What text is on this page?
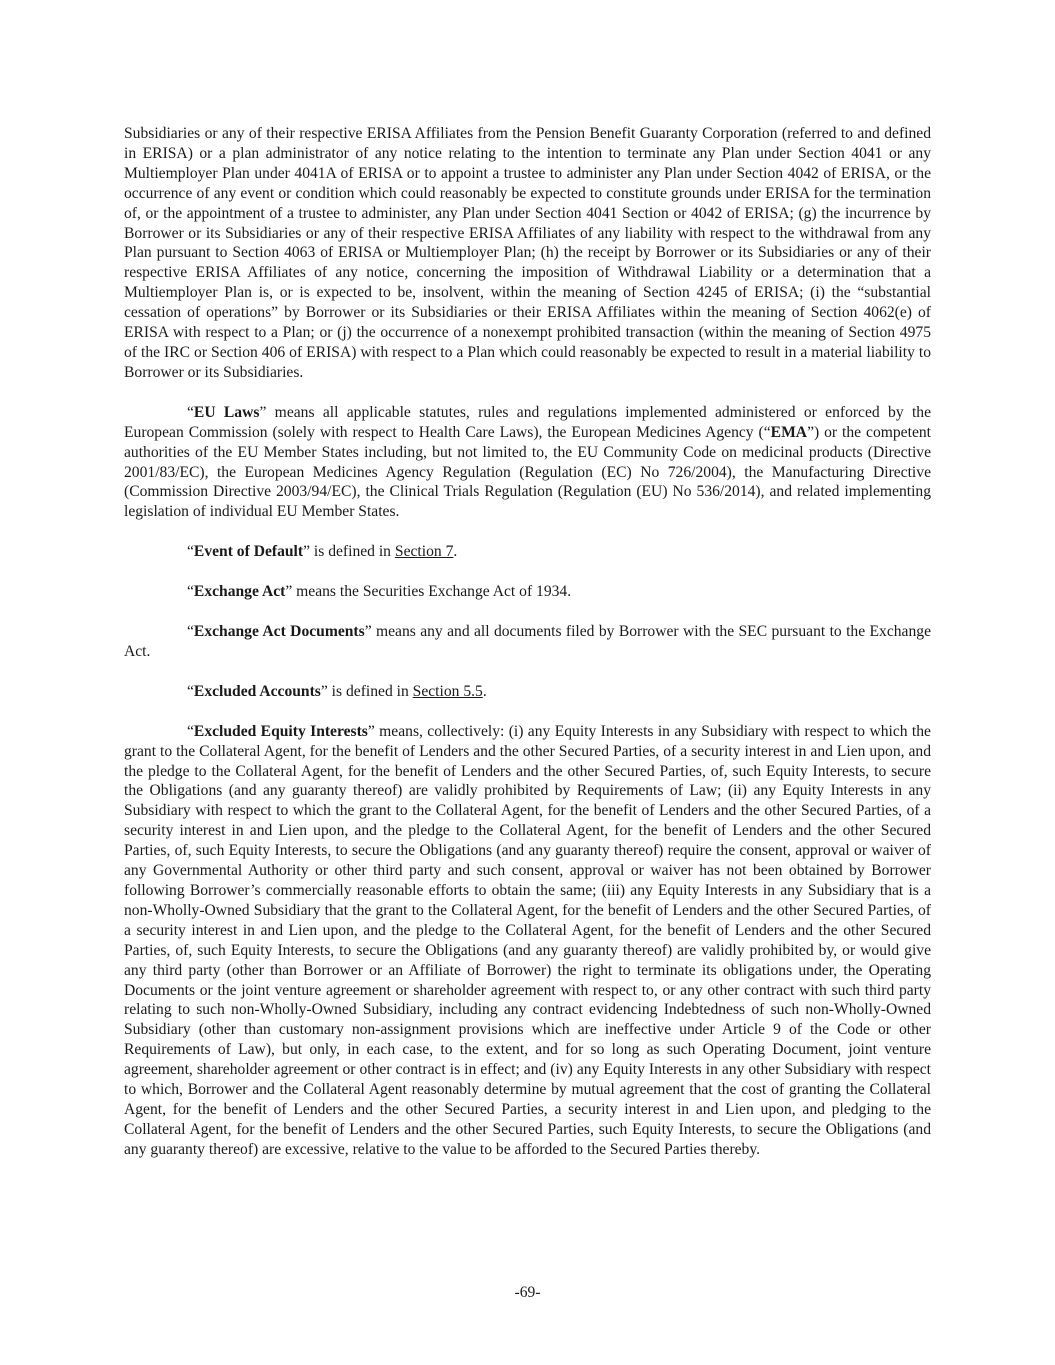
Subsidiaries or any of their respective ERISA Affiliates from the Pension Benefit Guaranty Corporation (referred to and defined in ERISA) or a plan administrator of any notice relating to the intention to terminate any Plan under Section 4041 or any Multiemployer Plan under 4041A of ERISA or to appoint a trustee to administer any Plan under Section 4042 of ERISA, or the occurrence of any event or condition which could reasonably be expected to constitute grounds under ERISA for the termination of, or the appointment of a trustee to administer, any Plan under Section 4041 Section or 4042 of ERISA; (g) the incurrence by Borrower or its Subsidiaries or any of their respective ERISA Affiliates of any liability with respect to the withdrawal from any Plan pursuant to Section 4063 of ERISA or Multiemployer Plan; (h) the receipt by Borrower or its Subsidiaries or any of their respective ERISA Affiliates of any notice, concerning the imposition of Withdrawal Liability or a determination that a Multiemployer Plan is, or is expected to be, insolvent, within the meaning of Section 4245 of ERISA; (i) the “substantial cessation of operations” by Borrower or its Subsidiaries or their ERISA Affiliates within the meaning of Section 4062(e) of ERISA with respect to a Plan; or (j) the occurrence of a nonexempt prohibited transaction (within the meaning of Section 4975 of the IRC or Section 406 of ERISA) with respect to a Plan which could reasonably be expected to result in a material liability to Borrower or its Subsidiaries.

“EU Laws” means all applicable statutes, rules and regulations implemented administered or enforced by the European Commission (solely with respect to Health Care Laws), the European Medicines Agency (“EMA”) or the competent authorities of the EU Member States including, but not limited to, the EU Community Code on medicinal products (Directive 2001/83/EC), the European Medicines Agency Regulation (Regulation (EC) No 726/2004), the Manufacturing Directive (Commission Directive 2003/94/EC), the Clinical Trials Regulation (Regulation (EU) No 536/2014), and related implementing legislation of individual EU Member States.

“Event of Default” is defined in Section 7.

“Exchange Act” means the Securities Exchange Act of 1934.

“Exchange Act Documents” means any and all documents filed by Borrower with the SEC pursuant to the Exchange Act.

“Excluded Accounts” is defined in Section 5.5.

“Excluded Equity Interests” means, collectively: (i) any Equity Interests in any Subsidiary with respect to which the grant to the Collateral Agent, for the benefit of Lenders and the other Secured Parties, of a security interest in and Lien upon, and the pledge to the Collateral Agent, for the benefit of Lenders and the other Secured Parties, of, such Equity Interests, to secure the Obligations (and any guaranty thereof) are validly prohibited by Requirements of Law; (ii) any Equity Interests in any Subsidiary with respect to which the grant to the Collateral Agent, for the benefit of Lenders and the other Secured Parties, of a security interest in and Lien upon, and the pledge to the Collateral Agent, for the benefit of Lenders and the other Secured Parties, of, such Equity Interests, to secure the Obligations (and any guaranty thereof) require the consent, approval or waiver of any Governmental Authority or other third party and such consent, approval or waiver has not been obtained by Borrower following Borrower’s commercially reasonable efforts to obtain the same; (iii) any Equity Interests in any Subsidiary that is a non-Wholly-Owned Subsidiary that the grant to the Collateral Agent, for the benefit of Lenders and the other Secured Parties, of a security interest in and Lien upon, and the pledge to the Collateral Agent, for the benefit of Lenders and the other Secured Parties, of, such Equity Interests, to secure the Obligations (and any guaranty thereof) are validly prohibited by, or would give any third party (other than Borrower or an Affiliate of Borrower) the right to terminate its obligations under, the Operating Documents or the joint venture agreement or shareholder agreement with respect to, or any other contract with such third party relating to such non-Wholly-Owned Subsidiary, including any contract evidencing Indebtedness of such non-Wholly-Owned Subsidiary (other than customary non-assignment provisions which are ineffective under Article 9 of the Code or other Requirements of Law), but only, in each case, to the extent, and for so long as such Operating Document, joint venture agreement, shareholder agreement or other contract is in effect; and (iv) any Equity Interests in any other Subsidiary with respect to which, Borrower and the Collateral Agent reasonably determine by mutual agreement that the cost of granting the Collateral Agent, for the benefit of Lenders and the other Secured Parties, a security interest in and Lien upon, and pledging to the Collateral Agent, for the benefit of Lenders and the other Secured Parties, such Equity Interests, to secure the Obligations (and any guaranty thereof) are excessive, relative to the value to be afforded to the Secured Parties thereby.

-69-
